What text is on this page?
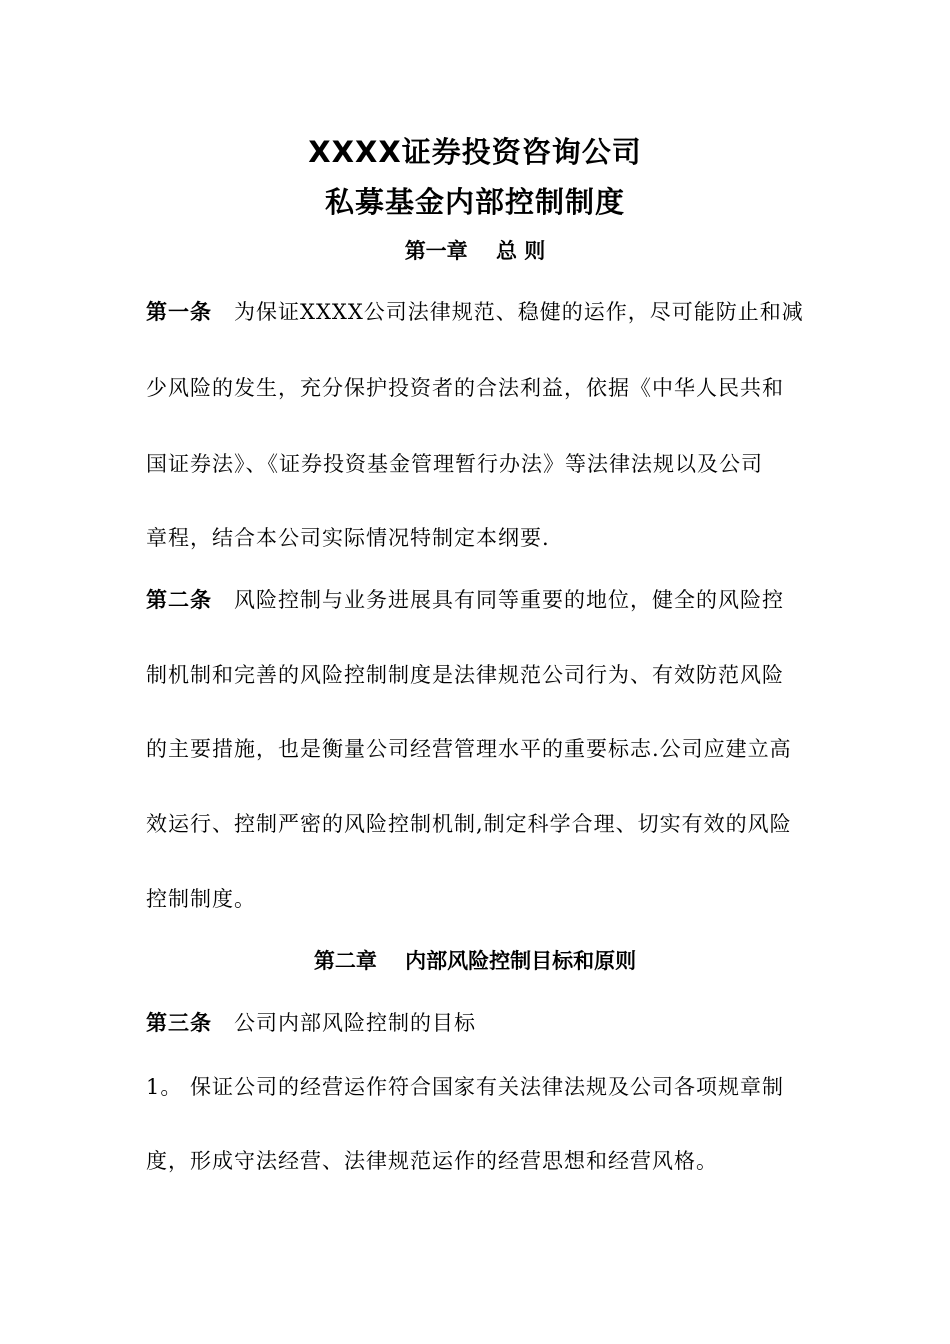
XXXX证券投资咨询公司
私募基金内部控制制度
第一章　 总 则
第一条 为保证XXXX公司法律规范、稳健的运作，尽可能防止和减
少风险的发生，充分保护投资者的合法利益，依据《中华人民共和
国证券法》、《证券投资基金管理暂行办法》等法律法规以及公司
章程，结合本公司实际情况特制定本纲要.
第二条 风险控制与业务进展具有同等重要的地位，健全的风险控
制机制和完善的风险控制制度是法律规范公司行为、有效防范风险
的主要措施，也是衡量公司经营管理水平的重要标志.公司应建立高
效运行、控制严密的风险控制机制,制定科学合理、切实有效的风险
控制制度。
第二章　 内部风险控制目标和原则
第三条 公司内部风险控制的目标
1。 保证公司的经营运作符合国家有关法律法规及公司各项规章制
度，形成守法经营、法律规范运作的经营思想和经营风格。
